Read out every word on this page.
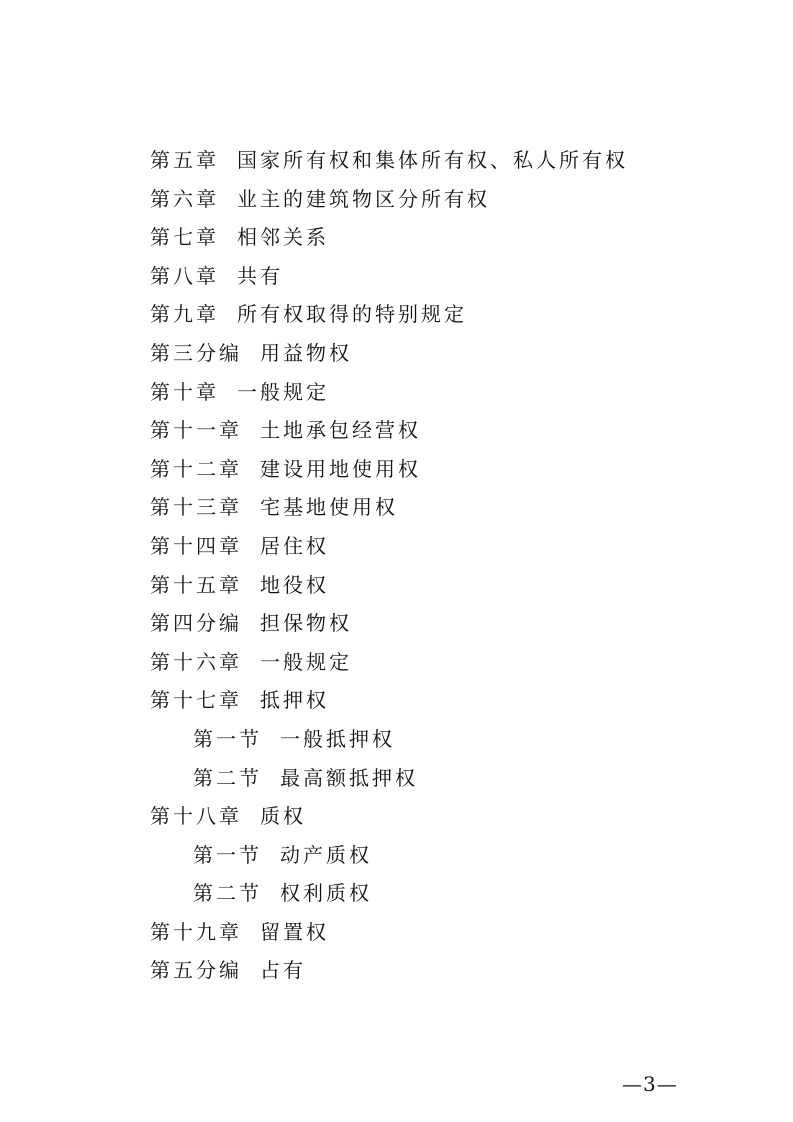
第五章 国家所有权和集体所有权、私人所有权
第六章 业主的建筑物区分所有权
第七章 相邻关系
第八章 共有
第九章 所有权取得的特别规定
第三分编 用益物权
第十章 一般规定
第十一章 土地承包经营权
第十二章 建设用地使用权
第十三章 宅基地使用权
第十四章 居住权
第十五章 地役权
第四分编 担保物权
第十六章 一般规定
第十七章 抵押权
第一节 一般抵押权
第二节 最高额抵押权
第十八章 质权
第一节 动产质权
第二节 权利质权
第十九章 留置权
第五分编 占有
—3—
